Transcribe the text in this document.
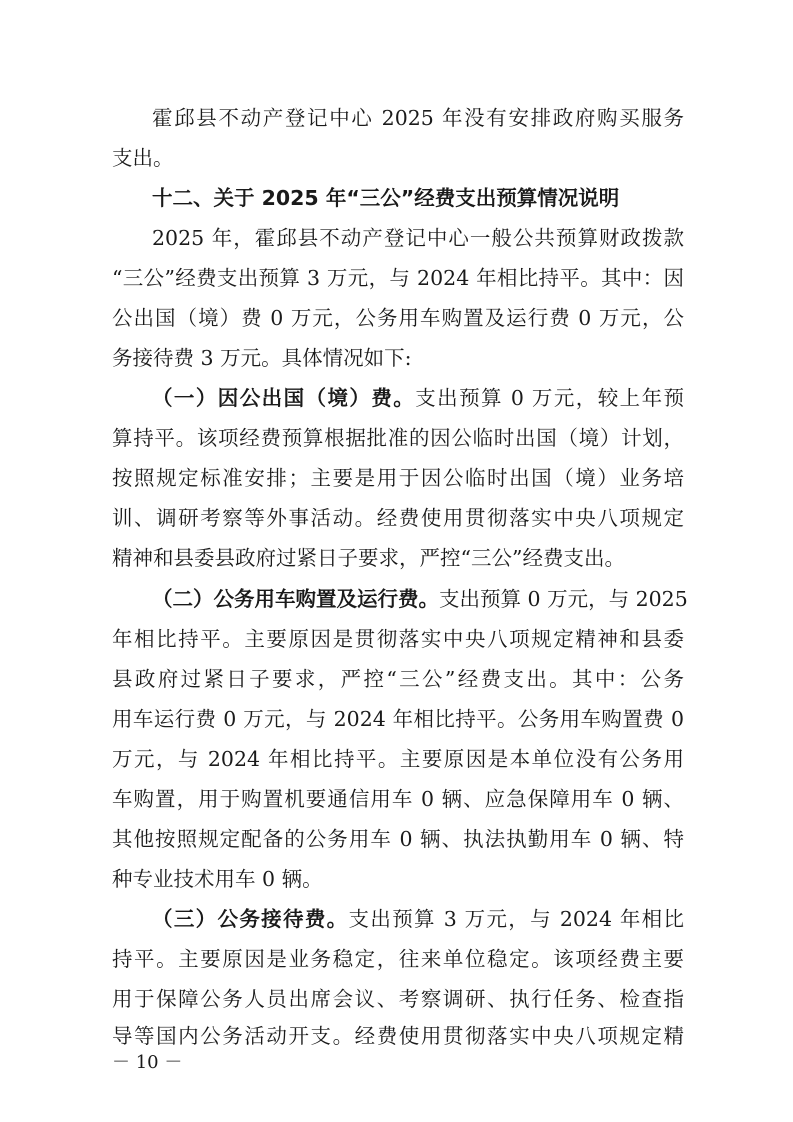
霍邱县不动产登记中心 2025 年没有安排政府购买服务
支出。
十二、关于 2025 年“三公”经费支出预算情况说明
2025 年，霍邱县不动产登记中心一般公共预算财政拨款
“三公”经费支出预算 3 万元，与 2024 年相比持平。其中：因
公出国（境）费 0 万元，公务用车购置及运行费 0 万元，公
务接待费 3 万元。具体情况如下:
（一）因公出国（境）费。支出预算 0 万元，较上年预
算持平。该项经费预算根据批准的因公临时出国（境）计划，
按照规定标准安排；主要是用于因公临时出国（境）业务培
训、调研考察等外事活动。经费使用贯彻落实中央八项规定
精神和县委县政府过紧日子要求，严控“三公”经费支出。
（二）公务用车购置及运行费。支出预算 0 万元，与 2025
年相比持平。主要原因是贯彻落实中央八项规定精神和县委
县政府过紧日子要求，严控“三公”经费支出。其中：公务
用车运行费 0 万元，与 2024 年相比持平。公务用车购置费 0
万元，与 2024 年相比持平。主要原因是本单位没有公务用
车购置，用于购置机要通信用车 0 辆、应急保障用车 0 辆、
其他按照规定配备的公务用车 0 辆、执法执勤用车 0 辆、特
种专业技术用车 0 辆。
（三）公务接待费。支出预算 3 万元，与 2024 年相比
持平。主要原因是业务稳定，往来单位稳定。该项经费主要
用于保障公务人员出席会议、考察调研、执行任务、检查指
导等国内公务活动开支。经费使用贯彻落实中央八项规定精
－ 10 －
